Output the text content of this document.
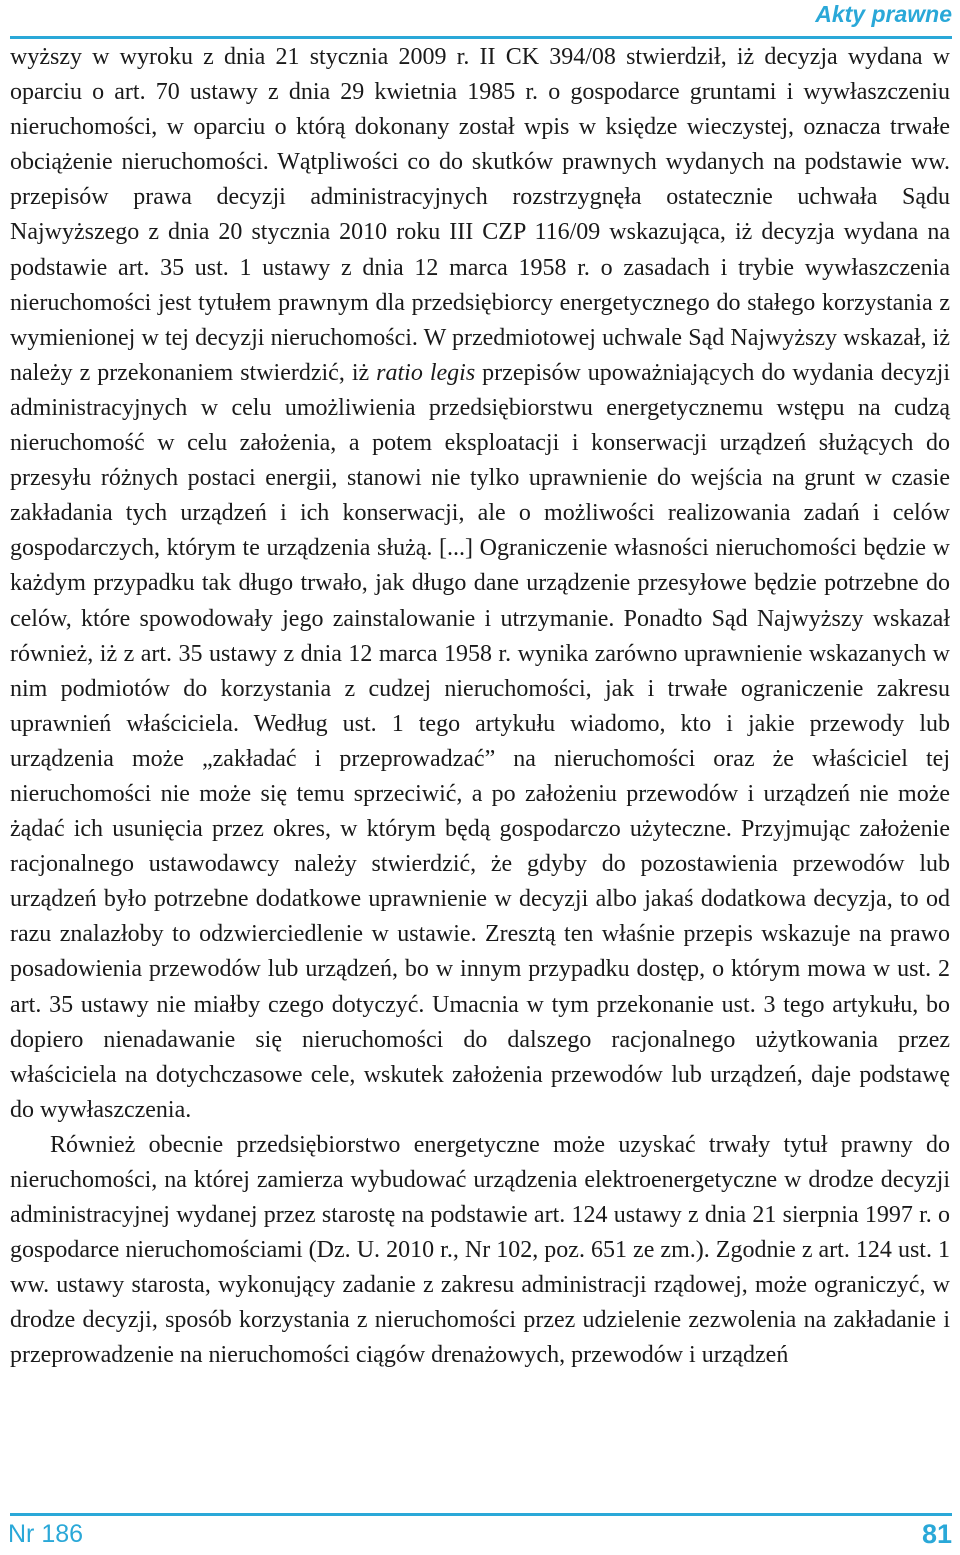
Akty prawne

wyższy w wyroku z dnia 21 stycznia 2009 r. II CK 394/08 stwierdził, iż decyzja wydana w oparciu o art. 70 ustawy z dnia 29 kwietnia 1985 r. o gospodarce gruntami i wywłaszczeniu nieruchomości, w oparciu o którą dokonany został wpis w księdze wieczystej, oznacza trwałe obciążenie nieruchomości. Wątpliwości co do skutków prawnych wydanych na podstawie ww. przepisów prawa decyzji administracyjnych rozstrzygnęła ostatecznie uchwała Sądu Najwyższego z dnia 20 stycznia 2010 roku III CZP 116/09 wskazująca, iż decyzja wydana na podstawie art. 35 ust. 1 ustawy z dnia 12 marca 1958 r. o zasadach i trybie wywłaszczenia nieruchomości jest tytułem prawnym dla przedsiębiorcy energetycznego do stałego korzystania z wymienionej w tej decyzji nieruchomości. W przedmiotowej uchwale Sąd Najwyższy wskazał, iż należy z przekonaniem stwierdzić, iż ratio legis przepisów upoważniających do wydania decyzji administracyjnych w celu umożliwienia przedsiębiorstwu energetycznemu wstępu na cudzą nieruchomość w celu założenia, a potem eksploatacji i konserwacji urządzeń służących do przesyłu różnych postaci energii, stanowi nie tylko uprawnienie do wejścia na grunt w czasie zakładania tych urządzeń i ich konserwacji, ale o możliwości realizowania zadań i celów gospodarczych, którym te urządzenia służą. [...] Ograniczenie własności nieruchomości będzie w każdym przypadku tak długo trwało, jak długo dane urządzenie przesyłowe będzie potrzebne do celów, które spowodowały jego zainstalowanie i utrzymanie. Ponadto Sąd Najwyższy wskazał również, iż z art. 35 ustawy z dnia 12 marca 1958 r. wynika zarówno uprawnienie wskazanych w nim podmiotów do korzystania z cudzej nieruchomości, jak i trwałe ograniczenie zakresu uprawnień właściciela. Według ust. 1 tego artykułu wiadomo, kto i jakie przewody lub urządzenia może „zakładać i przeprowadzać” na nieruchomości oraz że właściciel tej nieruchomości nie może się temu sprzeciwić, a po założeniu przewodów i urządzeń nie może żądać ich usunięcia przez okres, w którym będą gospodarczo użyteczne. Przyjmując założenie racjonalnego ustawodawcy należy stwierdzić, że gdyby do pozostawienia przewodów lub urządzeń było potrzebne dodatkowe uprawnienie w decyzji albo jakaś dodatkowa decyzja, to od razu znalazłoby to odzwierciedlenie w ustawie. Zresztą ten właśnie przepis wskazuje na prawo posadowienia przewodów lub urządzeń, bo w innym przypadku dostęp, o którym mowa w ust. 2 art. 35 ustawy nie miałby czego dotyczyć. Umacnia w tym przekonanie ust. 3 tego artykułu, bo dopiero nienadawanie się nieruchomości do dalszego racjonalnego użytkowania przez właściciela na dotychczasowe cele, wskutek założenia przewodów lub urządzeń, daje podstawę do wywłaszczenia.

Również obecnie przedsiębiorstwo energetyczne może uzyskać trwały tytuł prawny do nieruchomości, na której zamierza wybudować urządzenia elektroenergetyczne w drodze decyzji administracyjnej wydanej przez starostę na podstawie art. 124 ustawy z dnia 21 sierpnia 1997 r. o gospodarce nieruchomościami (Dz. U. 2010 r., Nr 102, poz. 651 ze zm.). Zgodnie z art. 124 ust. 1 ww. ustawy starosta, wykonujący zadanie z zakresu administracji rządowej, może ograniczyć, w drodze decyzji, sposób korzystania z nieruchomości przez udzielenie zezwolenia na zakładanie i przeprowadzenie na nieruchomości ciągów drenażowych, przewodów i urządzeń

Nr 186	81
